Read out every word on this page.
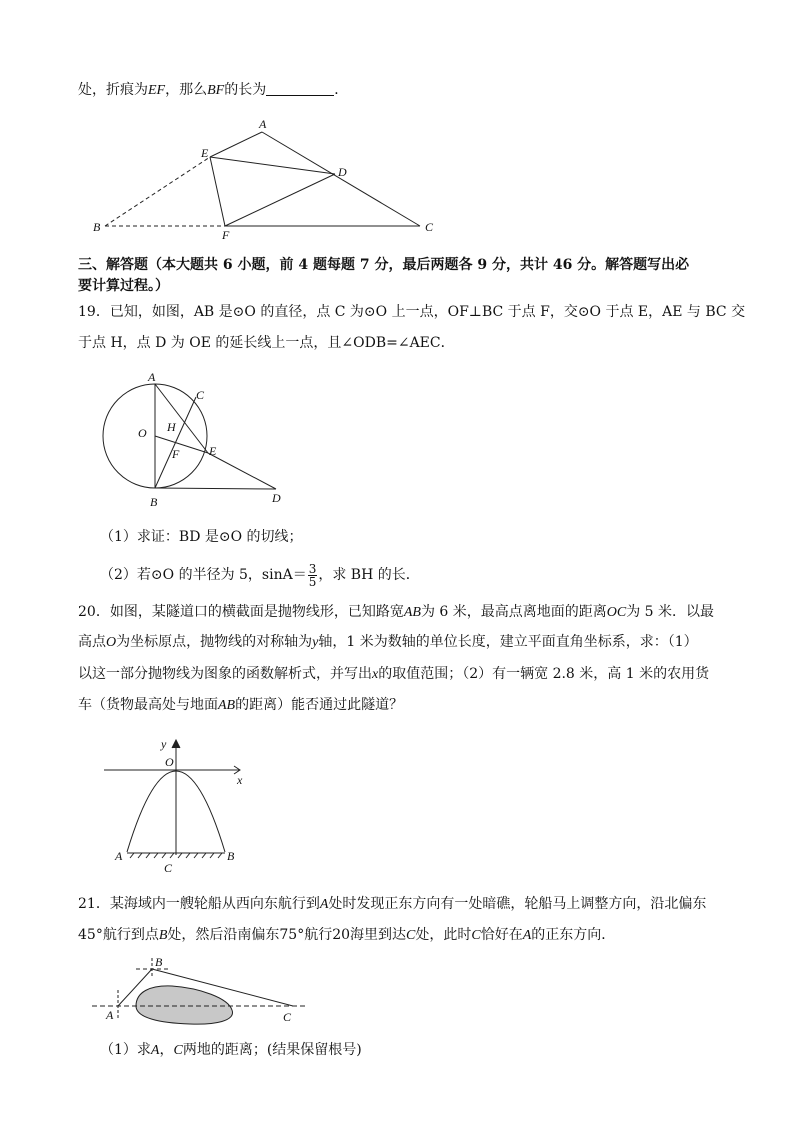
处，折痕为EF，那么BF的长为	．
A
E
D
B
F
C
三、解答题（本大题共 6 小题，前 4 题每题 7 分，最后两题各 9 分，共计 46 分。解答题写出必
要计算过程。）
19．已知，如图，AB 是⊙O 的直径，点 C 为⊙O 上一点，OF⊥BC 于点 F，交⊙O 于点 E，AE 与 BC 交
于点 H，点 D 为 OE 的延长线上一点，且∠ODB=∠AEC．
A
C
O H
F E
B	D
（1）求证：BD 是⊙O 的切线；
（2）若⊙O 的半径为 5，$\sin A= \frac{3}{5}$ ，求 BH 的长．
20．如图，某隧道口的横截面是抛物线形，已知路宽AB为 6 米，最高点离地面的距离OC为 5 米．以最
高点O为坐标原点，抛物线的对称轴为y轴，1 米为数轴的单位长度，建立平面直角坐标系，求：（1）
以这一部分抛物线为图象的函数解析式，并写出x的取值范围；（2）有一辆宽 2.8 米，高 1 米的农用货
车（货物最高处与地面AB的距离）能否通过此隧道？
y
O
x
A
C
B
21．某海域内一艘轮船从西向东航行到A处时发现正东方向有一处暗礁，轮船马上调整方向，沿北偏东
45°航行到点B处，然后沿南偏东75°航行20海里到达C处，此时C恰好在A的正东方向．
B
A	C
（1）求A，C两地的距离；(结果保留根号)
